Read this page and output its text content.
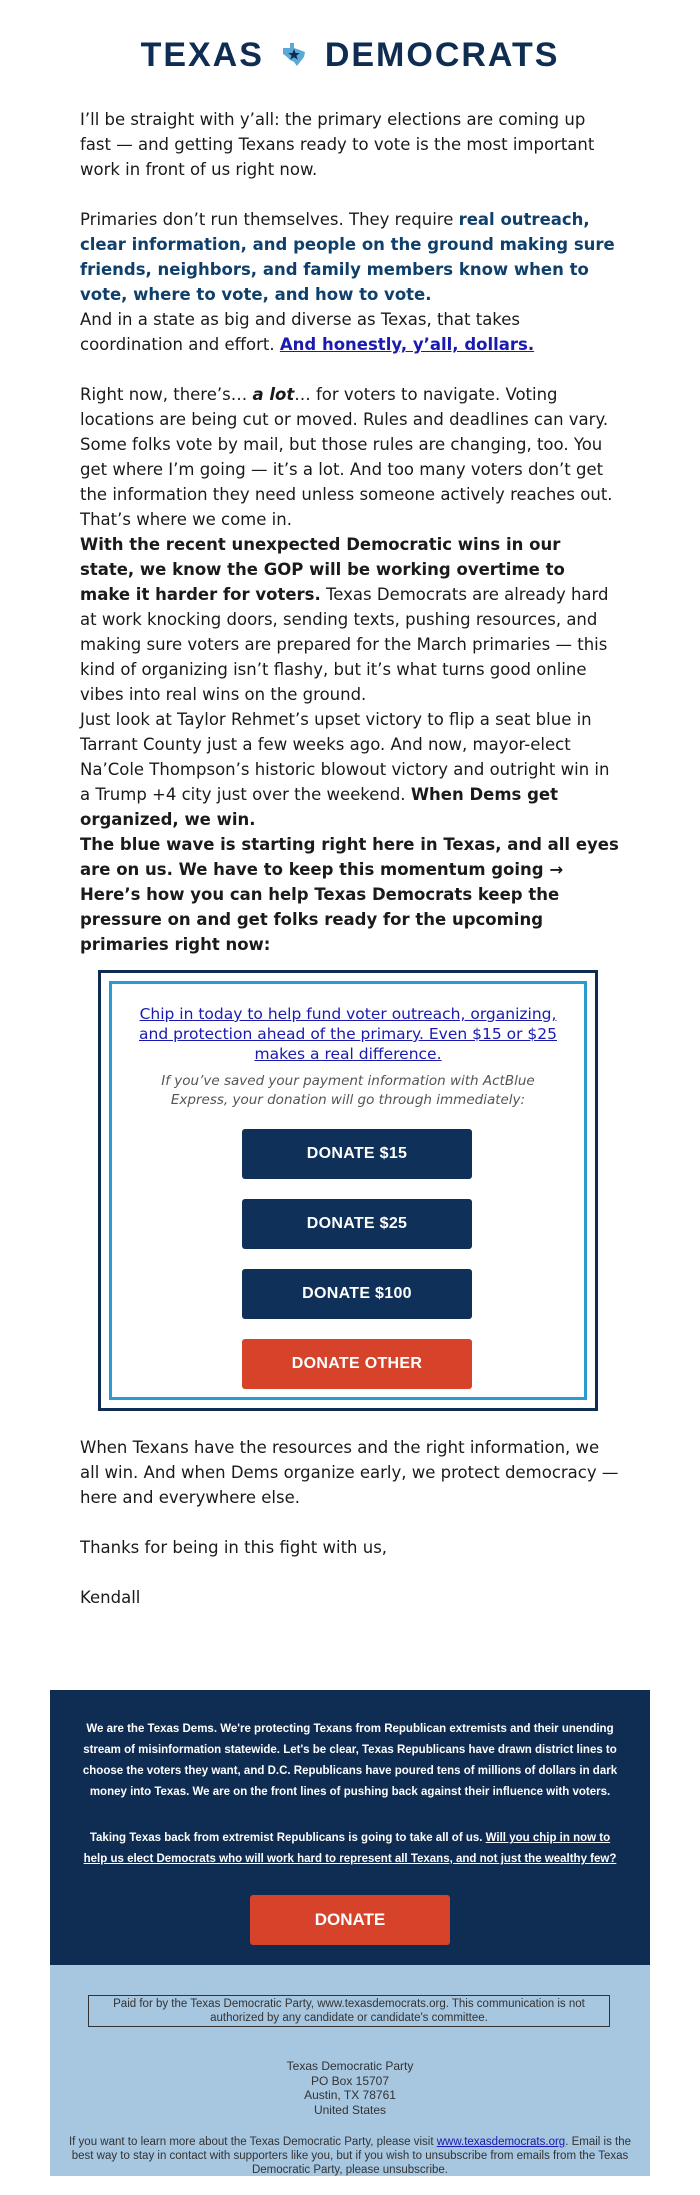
TEXAS DEMOCRATS

I’ll be straight with y’all: the primary elections are coming up fast — and getting Texans ready to vote is the most important work in front of us right now.

Primaries don’t run themselves. They require real outreach, clear information, and people on the ground making sure friends, neighbors, and family members know when to vote, where to vote, and how to vote.

And in a state as big and diverse as Texas, that takes coordination and effort. And honestly, y’all, dollars.

Right now, there’s… a lot… for voters to navigate. Voting locations are being cut or moved. Rules and deadlines can vary. Some folks vote by mail, but those rules are changing, too. You get where I’m going — it’s a lot. And too many voters don’t get the information they need unless someone actively reaches out. That’s where we come in.

With the recent unexpected Democratic wins in our state, we know the GOP will be working overtime to make it harder for voters. Texas Democrats are already hard at work knocking doors, sending texts, pushing resources, and making sure voters are prepared for the March primaries — this kind of organizing isn’t flashy, but it’s what turns good online vibes into real wins on the ground.

Just look at Taylor Rehmet’s upset victory to flip a seat blue in Tarrant County just a few weeks ago. And now, mayor-elect Na’Cole Thompson’s historic blowout victory and outright win in a Trump +4 city just over the weekend. When Dems get organized, we win.

The blue wave is starting right here in Texas, and all eyes are on us. We have to keep this momentum going → Here’s how you can help Texas Democrats keep the pressure on and get folks ready for the upcoming primaries right now:

Chip in today to help fund voter outreach, organizing, and protection ahead of the primary. Even $15 or $25 makes a real difference.
If you’ve saved your payment information with ActBlue Express, your donation will go through immediately:
DONATE $15
DONATE $25
DONATE $100
DONATE OTHER

When Texans have the resources and the right information, we all win. And when Dems organize early, we protect democracy — here and everywhere else.

Thanks for being in this fight with us,

Kendall

We are the Texas Dems. We're protecting Texans from Republican extremists and their unending stream of misinformation statewide. Let's be clear, Texas Republicans have drawn district lines to choose the voters they want, and D.C. Republicans have poured tens of millions of dollars in dark money into Texas. We are on the front lines of pushing back against their influence with voters.
Taking Texas back from extremist Republicans is going to take all of us. Will you chip in now to help us elect Democrats who will work hard to represent all Texans, and not just the wealthy few?
DONATE
Paid for by the Texas Democratic Party, www.texasdemocrats.org. This communication is not authorized by any candidate or candidate's committee.
Texas Democratic Party
PO Box 15707
Austin, TX 78761
United States
If you want to learn more about the Texas Democratic Party, please visit www.texasdemocrats.org. Email is the best way to stay in contact with supporters like you, but if you wish to unsubscribe from emails from the Texas Democratic Party, please unsubscribe.
